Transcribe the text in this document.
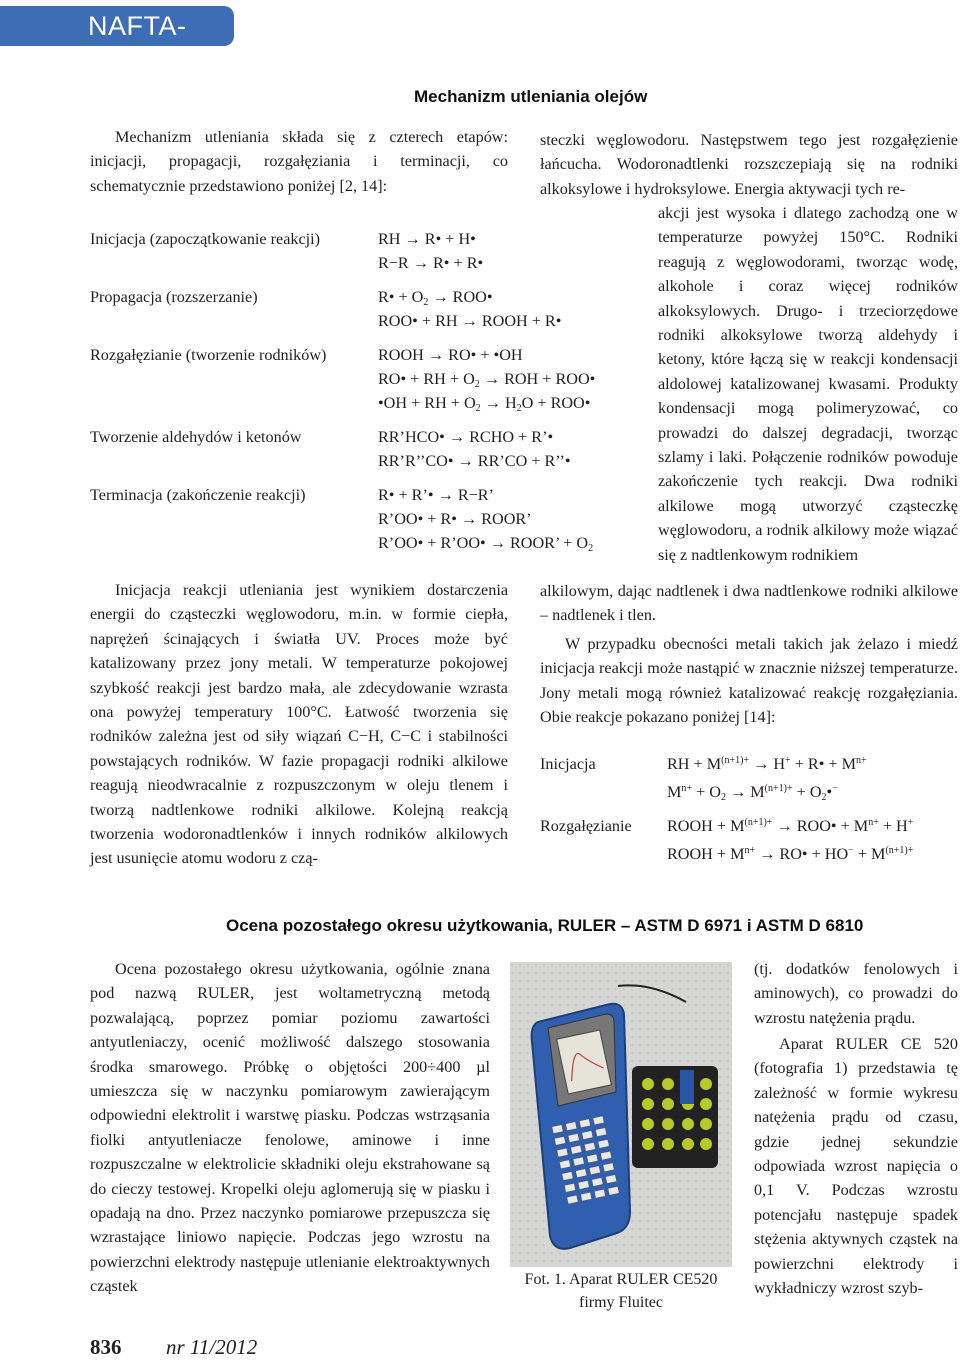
NAFTA-GAZ
Mechanizm utleniania olejów

Mechanizm utleniania składa się z czterech etapów: inicjacji, propagacji, rozgałęziania i terminacji, co schematycznie przedstawiono poniżej [2, 14]:

Inicjacja (zapoczątkowanie reakcji)	RH → R• + H•
R−R → R• + R•
Propagacja (rozszerzanie)	R• + $O_2$ → ROO•
ROO• + RH → ROOH + R•
Rozgałęzianie (tworzenie rodników)	ROOH → RO• + •OH
RO• + RH + $O_2$ → ROH + ROO•
•OH + RH + $O_2 \to H_2O$ + ROO•
Tworzenie aldehydów i ketonów	RR’HCO• → RCHO + R’•
RR’R’’CO• → RR’CO + R’’•
Terminacja (zakończenie reakcji)	R• + R’• → R−R’
R’OO• + R• → ROOR’
R’OO• + R’OO• → ROOR’ + $O_2$

Inicjacja reakcji utleniania jest wynikiem dostarczenia energii do cząsteczki węglowodoru, m.in. w formie ciepła, naprężeń ścinających i światła UV. Proces może być katalizowany przez jony metali. W temperaturze pokojowej szybkość reakcji jest bardzo mała, ale zdecydowanie wzrasta ona powyżej temperatury 100°C. Łatwość tworzenia się rodników zależna jest od siły wiązań C−H, C−C i stabilności powstających rodników. W fazie propagacji rodniki alkilowe reagują nieodwracalnie z rozpuszczonym w oleju tlenem i tworzą nadtlenkowe rodniki alkilowe. Kolejną reakcją tworzenia wodoronadtlenków i innych rodników alkilowych jest usunięcie atomu wodoru z czą-

steczki węglowodoru. Następstwem tego jest rozgałęzienie łańcucha. Wodoronadtlenki rozszczepiają się na rodniki alkoksylowe i hydroksylowe. Energia aktywacji tych re-

akcji jest wysoka i dlatego zachodzą one w temperaturze powyżej 150°C. Rodniki reagują z węglowodorami, tworząc wodę, alkohole i coraz więcej rodników alkoksylowych. Drugo- i trzeciorzędowe rodniki alkoksylowe tworzą aldehydy i ketony, które łączą się w reakcji kondensacji aldolowej katalizowanej kwasami. Produkty kondensacji mogą polimeryzować, co prowadzi do dalszej degradacji, tworząc szlamy i laki. Połączenie rodników powoduje zakończenie tych reakcji. Dwa rodniki alkilowe mogą utworzyć cząsteczkę węglowodoru, a rodnik alkilowy może wiązać się z nadtlenkowym rodnikiem

alkilowym, dając nadtlenek i dwa nadtlenkowe rodniki alkilowe – nadtlenek i tlen.

W przypadku obecności metali takich jak żelazo i miedź inicjacja reakcji może nastąpić w znacznie niższej temperaturze. Jony metali mogą również katalizować reakcję rozgałęziania. Obie reakcje pokazano poniżej [14]:

Inicjacja	RH + $M^{(n+1)+} \to H^+$ + R• + $M^{n+}$
$M^{n+} + O_2 \to M^{(n+1)+}$ + $O_2•^-$
Rozgałęzianie ROOH + $M^{(n+1)+}$ → ROO• + $M^{n+} + H^+$
ROOH + $M^{n+}$ → RO• + $HO^- + M^{(n+1)+}$
Ocena pozostałego okresu użytkowania, RULER – ASTM D 6971 i ASTM D 6810

Ocena pozostałego okresu użytkowania, ogólnie znana pod nazwą RULER, jest woltametryczną metodą pozwalającą, poprzez pomiar poziomu zawartości antyutleniaczy, ocenić możliwość dalszego stosowania środka smarowego. Próbkę o objętości 200÷400 µl umieszcza się w naczynku pomiarowym zawierającym odpowiedni elektrolit i warstwę piasku. Podczas wstrząsania fiolki antyutleniacze fenolowe, aminowe i inne rozpuszczalne w elektrolicie składniki oleju ekstrahowane są do cieczy testowej. Kropelki oleju aglomerują się w piasku i opadają na dno. Przez naczynko pomiarowe przepuszcza się wzrastające liniowo napięcie. Podczas jego wzrostu na powierzchni elektrody następuje utlenianie elektroaktywnych cząstek	Fot. 1. Aparat RULER CE520 firmy Fluitec

(tj. dodatków fenolowych i aminowych), co prowadzi do wzrostu natężenia prądu.

Aparat RULER CE 520 (fotografia 1) przedstawia tę zależność w formie wykresu natężenia prądu od czasu, gdzie jednej sekundzie odpowiada wzrost napięcia o 0,1 V. Podczas wzrostu potencjału następuje spadek stężenia aktywnych cząstek na powierzchni elektrody i wykładniczy wzrost szyb-

836 nr 11/2012
